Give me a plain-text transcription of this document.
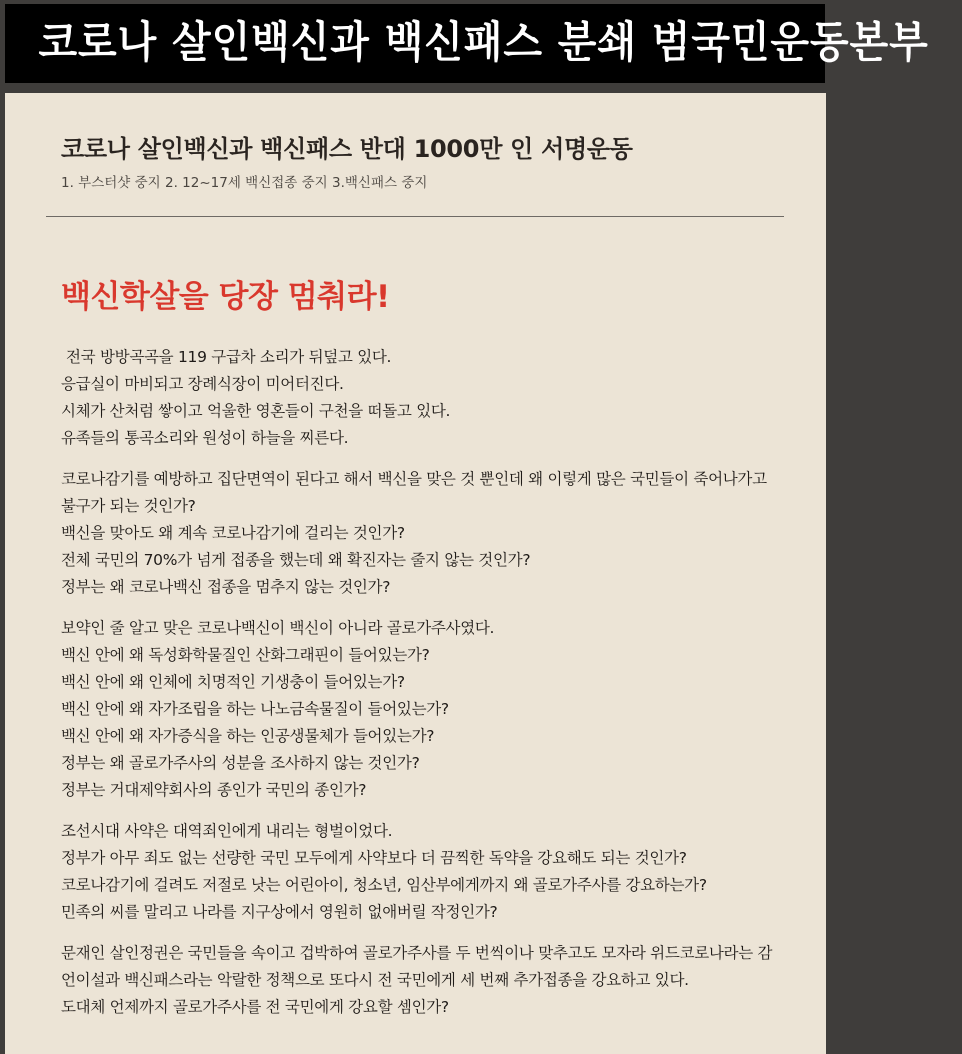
코로나 살인백신과 백신패스 분쇄 범국민운동본부
코로나 살인백신과 백신패스 반대 1000만 인 서명운동
1. 부스터샷 중지 2. 12~17세 백신접종 중지 3.백신패스 중지
백신학살을 당장 멈춰라!

전국 방방곡곡을 119 구급차 소리가 뒤덮고 있다.
응급실이 마비되고 장례식장이 미어터진다.
시체가 산처럼 쌓이고 억울한 영혼들이 구천을 떠돌고 있다.
유족들의 통곡소리와 원성이 하늘을 찌른다.

코로나감기를 예방하고 집단면역이 된다고 해서 백신을 맞은 것 뿐인데 왜 이렇게 많은 국민들이 죽어나가고 불구가 되는 것인가?
백신을 맞아도 왜 계속 코로나감기에 걸리는 것인가?
전체 국민의 70%가 넘게 접종을 했는데 왜 확진자는 줄지 않는 것인가?
정부는 왜 코로나백신 접종을 멈추지 않는 것인가?

보약인 줄 알고 맞은 코로나백신이 백신이 아니라 골로가주사였다.
백신 안에 왜 독성화학물질인 산화그래핀이 들어있는가?
백신 안에 왜 인체에 치명적인 기생충이 들어있는가?
백신 안에 왜 자가조립을 하는 나노금속물질이 들어있는가?
백신 안에 왜 자가증식을 하는 인공생물체가 들어있는가?
정부는 왜 골로가주사의 성분을 조사하지 않는 것인가?
정부는 거대제약회사의 종인가 국민의 종인가?

조선시대 사약은 대역죄인에게 내리는 형벌이었다.
정부가 아무 죄도 없는 선량한 국민 모두에게 사약보다 더 끔찍한 독약을 강요해도 되는 것인가?
코로나감기에 걸려도 저절로 낫는 어린아이, 청소년, 임산부에게까지 왜 골로가주사를 강요하는가?
민족의 씨를 말리고 나라를 지구상에서 영원히 없애버릴 작정인가?

문재인 살인정권은 국민들을 속이고 겁박하여 골로가주사를 두 번씩이나 맞추고도 모자라 위드코로나라는 감언이설과 백신패스라는 악랄한 정책으로 또다시 전 국민에게 세 번째 추가접종을 강요하고 있다.
도대체 언제까지 골로가주사를 전 국민에게 강요할 셈인가?
